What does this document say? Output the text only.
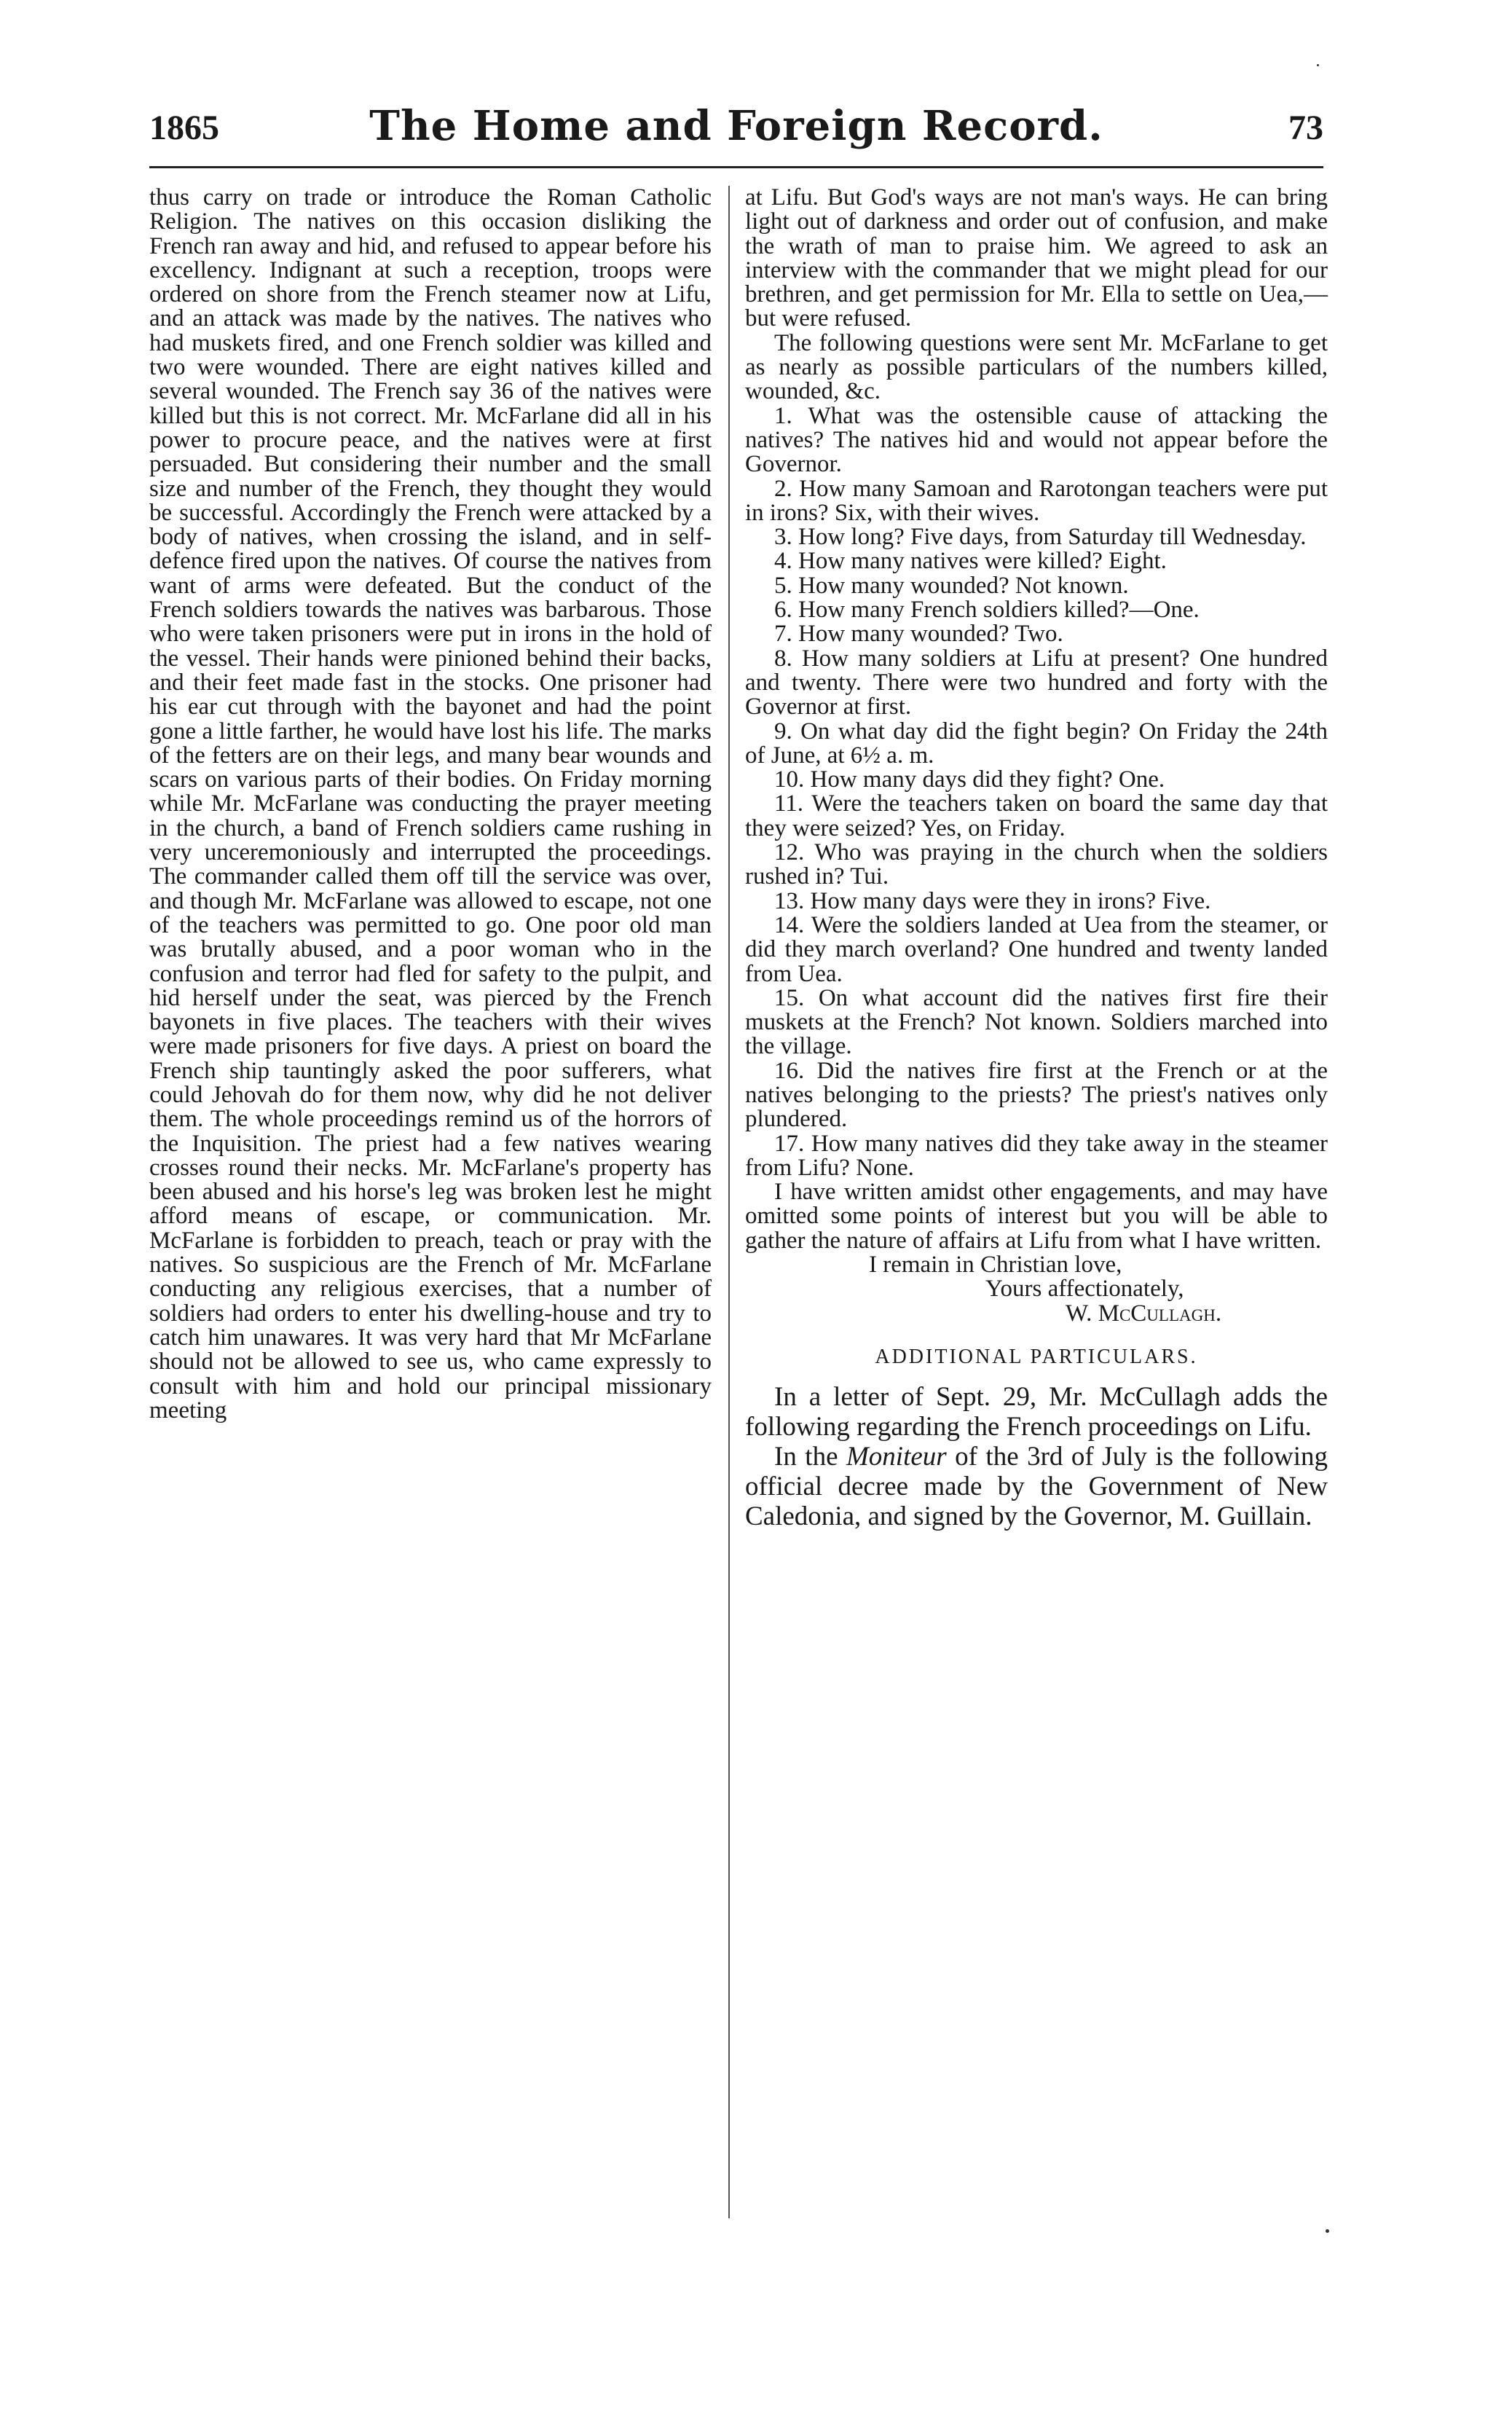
1865	The Home and Foreign Record.	73

thus carry on trade or introduce the Roman Catholic Religion. The natives on this occasion disliking the French ran away and hid, and refused to appear before his excellency. Indignant at such a reception, troops were ordered on shore from the French steamer now at Lifu, and an attack was made by the natives. The natives who had muskets fired, and one French soldier was killed and two were wounded. There are eight natives killed and several wounded. The French say 36 of the natives were killed but this is not correct. Mr. McFarlane did all in his power to procure peace, and the natives were at first persuaded. But considering their number and the small size and number of the French, they thought they would be successful. Accordingly the French were attacked by a body of natives, when crossing the island, and in self-defence fired upon the natives. Of course the natives from want of arms were defeated. But the conduct of the French soldiers towards the natives was barbarous. Those who were taken prisoners were put in irons in the hold of the vessel. Their hands were pinioned behind their backs, and their feet made fast in the stocks. One prisoner had his ear cut through with the bayonet and had the point gone a little farther, he would have lost his life. The marks of the fetters are on their legs, and many bear wounds and scars on various parts of their bodies. On Friday morning while Mr. McFarlane was conducting the prayer meeting in the church, a band of French soldiers came rushing in very unceremoniously and interrupted the proceedings. The commander called them off till the service was over, and though Mr. McFarlane was allowed to escape, not one of the teachers was permitted to go. One poor old man was brutally abused, and a poor woman who in the confusion and terror had fled for safety to the pulpit, and hid herself under the seat, was pierced by the French bayonets in five places. The teachers with their wives were made prisoners for five days. A priest on board the French ship tauntingly asked the poor sufferers, what could Jehovah do for them now, why did he not deliver them. The whole proceedings remind us of the horrors of the Inquisition. The priest had a few natives wearing crosses round their necks. Mr. McFarlane's property has been abused and his horse's leg was broken lest he might afford means of escape, or communication. Mr. McFarlane is forbidden to preach, teach or pray with the natives. So suspicious are the French of Mr. McFarlane conducting any religious exercises, that a number of soldiers had orders to enter his dwelling-house and try to catch him unawares. It was very hard that Mr McFarlane should not be allowed to see us, who came expressly to consult with him and hold our principal missionary meeting

at Lifu. But God's ways are not man's ways. He can bring light out of darkness and order out of confusion, and make the wrath of man to praise him. We agreed to ask an interview with the commander that we might plead for our brethren, and get permission for Mr. Ella to settle on Uea,—but were refused.

The following questions were sent Mr. McFarlane to get as nearly as possible particulars of the numbers killed, wounded, &c.

1. What was the ostensible cause of attacking the natives? The natives hid and would not appear before the Governor.

2. How many Samoan and Rarotongan teachers were put in irons? Six, with their wives.

3. How long? Five days, from Saturday till Wednesday.

4. How many natives were killed? Eight.

5. How many wounded? Not known.

6. How many French soldiers killed?—One.

7. How many wounded? Two.

8. How many soldiers at Lifu at present? One hundred and twenty. There were two hundred and forty with the Governor at first.

9. On what day did the fight begin? On Friday the 24th of June, at 6½ a. m.

10. How many days did they fight? One.

11. Were the teachers taken on board the same day that they were seized? Yes, on Friday.

12. Who was praying in the church when the soldiers rushed in? Tui.

13. How many days were they in irons? Five.

14. Were the soldiers landed at Uea from the steamer, or did they march overland? One hundred and twenty landed from Uea.

15. On what account did the natives first fire their muskets at the French? Not known. Soldiers marched into the village.

16. Did the natives fire first at the French or at the natives belonging to the priests? The priest's natives only plundered.

17. How many natives did they take away in the steamer from Lifu? None.

I have written amidst other engagements, and may have omitted some points of interest but you will be able to gather the nature of affairs at Lifu from what I have written.

I remain in Christian love,

Yours affectionately,

W. McCullagh.

ADDITIONAL PARTICULARS.

In a letter of Sept. 29, Mr. McCullagh adds the following regarding the French proceedings on Lifu.

In the Moniteur of the 3rd of July is the following official decree made by the Government of New Caledonia, and signed by the Governor, M. Guillain.
